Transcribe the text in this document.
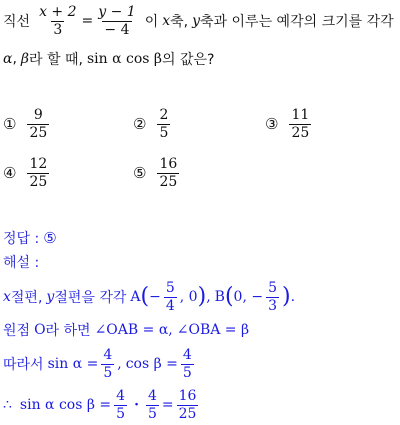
직선 $\frac{x + 2}{3} = \frac{y - 1}{- 4}$ 이 x 축, y 축과 이루는 예각의 크기를 각각
α , β 라 할 때, sin α cos β 의 값은?
① $\frac{9}{25}$	② $\frac{2}{5}$	③ $\frac{11}{25}$
④ $\frac{12}{25}$	⑤ $\frac{16}{25}$
정답 : ⑤
해설 :
x 절편, y 절편을 각각 A ( − $\frac{5}{4}$ , 0 ) , B ( 0, − $\frac{5}{3}$ ) .
원점 O 라 하면 ∠OAB = α, ∠OBA = β
따라서 $\sin \alpha = \frac{4}{5}$ , $\cos \beta = \frac{4}{5}$
∴ sin α $\cos \beta = \frac{4}{5} \cdot \frac{4}{5} = \frac{16}{25}$
